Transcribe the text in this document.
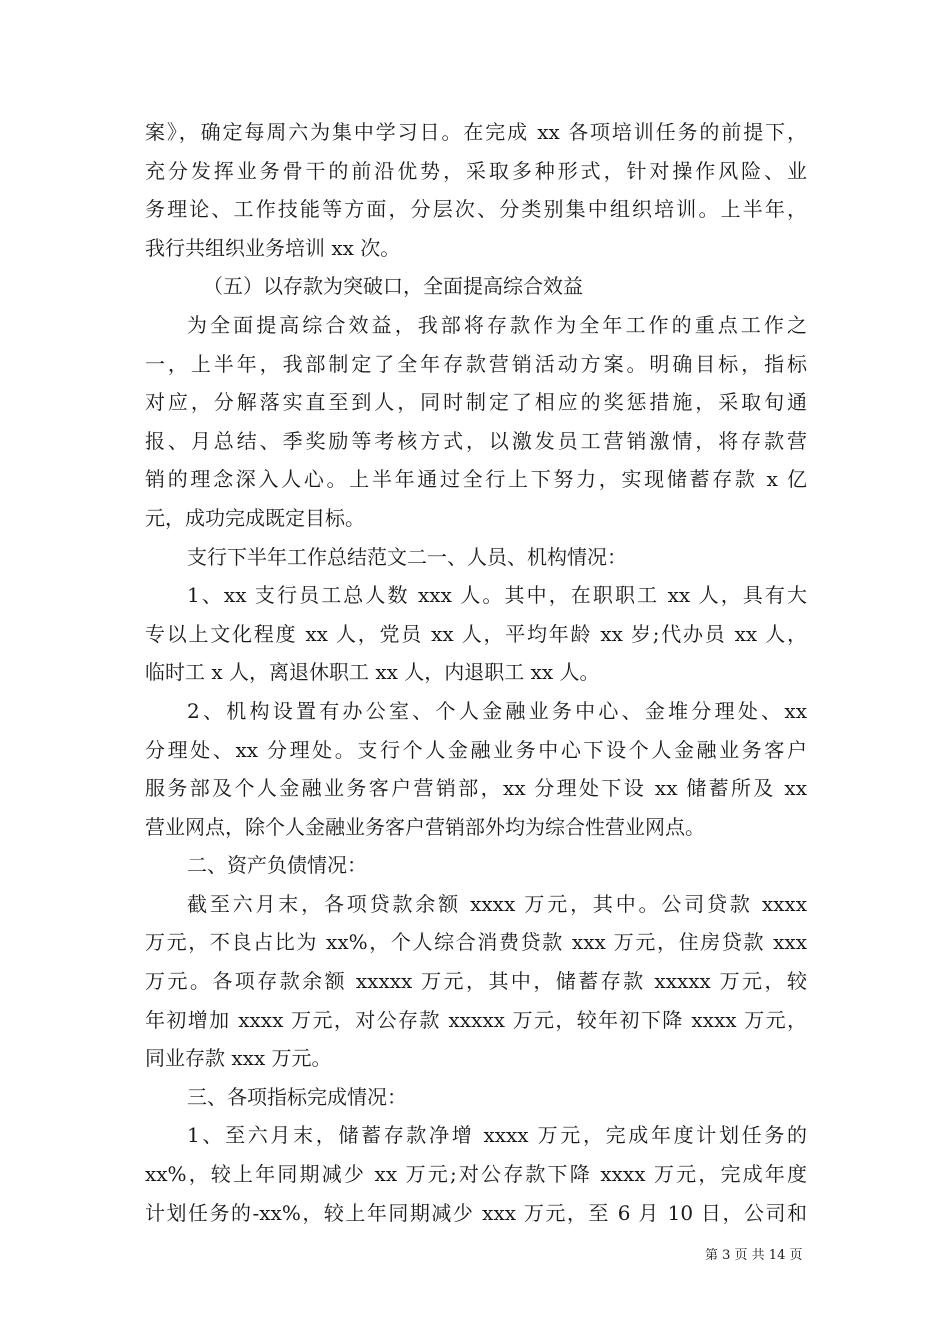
案》，确定每周六为集中学习日。在完成 xx 各项培训任务的前提下，
充分发挥业务骨干的前沿优势，采取多种形式，针对操作风险、业
务理论、工作技能等方面，分层次、分类别集中组织培训。上半年，
我行共组织业务培训 xx 次。
（五）以存款为突破口，全面提高综合效益
为全面提高综合效益，我部将存款作为全年工作的重点工作之
一，上半年，我部制定了全年存款营销活动方案。明确目标，指标
对应，分解落实直至到人，同时制定了相应的奖惩措施，采取旬通
报、月总结、季奖励等考核方式，以激发员工营销激情，将存款营
销的理念深入人心。上半年通过全行上下努力，实现储蓄存款 x 亿
元，成功完成既定目标。
支行下半年工作总结范文二一、人员、机构情况：
1、xx 支行员工总人数 xxx 人。其中，在职职工 xx 人，具有大
专以上文化程度 xx 人，党员 xx 人，平均年龄 xx 岁;代办员 xx 人，
临时工 x 人，离退休职工 xx 人，内退职工 xx 人。
2、机构设置有办公室、个人金融业务中心、金堆分理处、xx
分理处、xx 分理处。支行个人金融业务中心下设个人金融业务客户
服务部及个人金融业务客户营销部，xx 分理处下设 xx 储蓄所及 xx
营业网点，除个人金融业务客户营销部外均为综合性营业网点。
二、资产负债情况：
截至六月末，各项贷款余额 xxxx 万元，其中。公司贷款 xxxx
万元，不良占比为 xx%，个人综合消费贷款 xxx 万元，住房贷款 xxx
万元。各项存款余额 xxxxx 万元，其中，储蓄存款 xxxxx 万元，较
年初增加 xxxx 万元，对公存款 xxxxx 万元，较年初下降 xxxx 万元，
同业存款 xxx 万元。
三、各项指标完成情况：
1、至六月末，储蓄存款净增 xxxx 万元，完成年度计划任务的
xx%，较上年同期减少 xx 万元;对公存款下降 xxxx 万元，完成年度
计划任务的-xx%，较上年同期减少 xxx 万元，至 6 月 10 日，公司和
第 3 页 共 14 页
